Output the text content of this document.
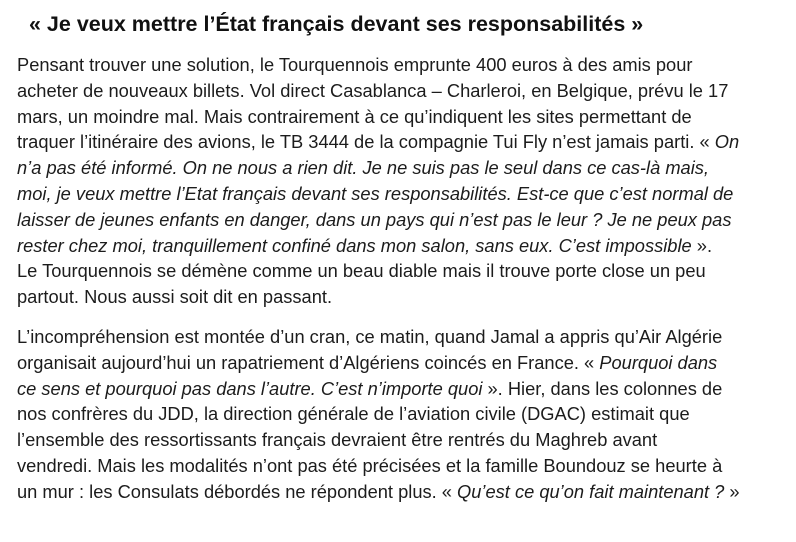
« Je veux mettre l’État français devant ses responsabilités »

Pensant trouver une solution, le Tourquennois emprunte 400 euros à des amis pour
acheter de nouveaux billets. Vol direct Casablanca – Charleroi, en Belgique, prévu le 17
mars, un moindre mal. Mais contrairement à ce qu’indiquent les sites permettant de
traquer l’itinéraire des avions, le TB 3444 de la compagnie Tui Fly n’est jamais parti. « On
n’a pas été informé. On ne nous a rien dit. Je ne suis pas le seul dans ce cas-là mais,
moi, je veux mettre l’Etat français devant ses responsabilités. Est-ce que c’est normal de
laisser de jeunes enfants en danger, dans un pays qui n’est pas le leur ? Je ne peux pas
rester chez moi, tranquillement confiné dans mon salon, sans eux. C’est impossible ».
Le Tourquennois se démène comme un beau diable mais il trouve porte close un peu
partout. Nous aussi soit dit en passant.

L’incompréhension est montée d’un cran, ce matin, quand Jamal a appris qu’Air Algérie
organisait aujourd’hui un rapatriement d’Algériens coincés en France. « Pourquoi dans
ce sens et pourquoi pas dans l’autre. C’est n’importe quoi ». Hier, dans les colonnes de
nos confrères du JDD, la direction générale de l’aviation civile (DGAC) estimait que
l’ensemble des ressortissants français devraient être rentrés du Maghreb avant
vendredi. Mais les modalités n’ont pas été précisées et la famille Boundouz se heurte à
un mur : les Consulats débordés ne répondent plus. « Qu’est ce qu’on fait maintenant ? »
